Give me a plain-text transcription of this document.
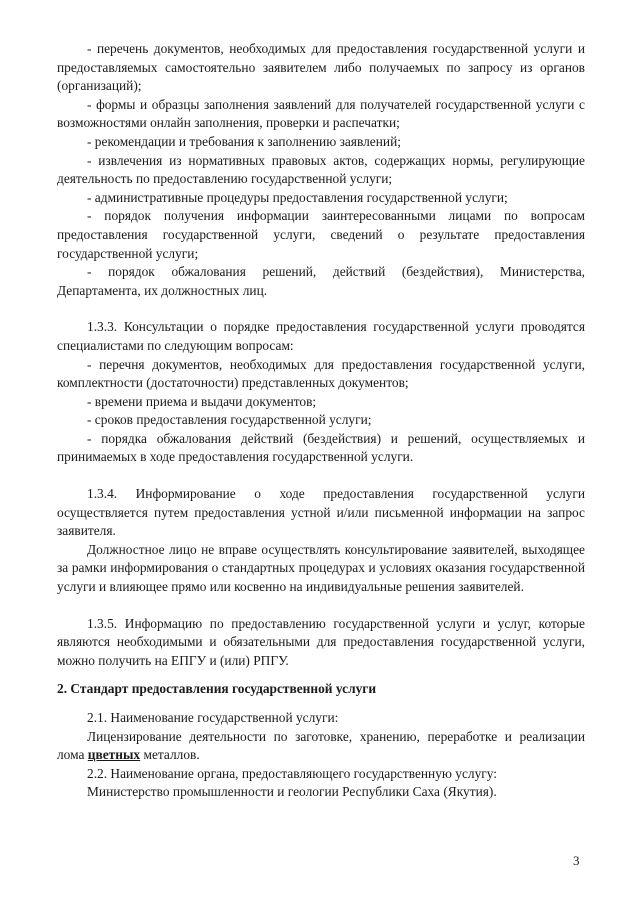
- перечень документов, необходимых для предоставления государственной услуги и предоставляемых самостоятельно заявителем либо получаемых по запросу из органов (организаций);

- формы и образцы заполнения заявлений для получателей государственной услуги с возможностями онлайн заполнения, проверки и распечатки;

- рекомендации и требования к заполнению заявлений;

- извлечения из нормативных правовых актов, содержащих нормы, регулирующие деятельность по предоставлению государственной услуги;

- административные процедуры предоставления государственной услуги;

- порядок получения информации заинтересованными лицами по вопросам предоставления государственной услуги, сведений о результате предоставления государственной услуги;

- порядок обжалования решений, действий (бездействия), Министерства, Департамента, их должностных лиц.

1.3.3. Консультации о порядке предоставления государственной услуги проводятся специалистами по следующим вопросам:

- перечня документов, необходимых для предоставления государственной услуги, комплектности (достаточности) представленных документов;

- времени приема и выдачи документов;

- сроков предоставления государственной услуги;

- порядка обжалования действий (бездействия) и решений, осуществляемых и принимаемых в ходе предоставления государственной услуги.

1.3.4. Информирование о ходе предоставления государственной услуги осуществляется путем предоставления устной и/или письменной информации на запрос заявителя.

Должностное лицо не вправе осуществлять консультирование заявителей, выходящее за рамки информирования о стандартных процедурах и условиях оказания государственной услуги и влияющее прямо или косвенно на индивидуальные решения заявителей.

1.3.5. Информацию по предоставлению государственной услуги и услуг, которые являются необходимыми и обязательными для предоставления государственной услуги, можно получить на ЕПГУ и (или) РПГУ.

2. Стандарт предоставления государственной услуги

2.1. Наименование государственной услуги:

Лицензирование деятельности по заготовке, хранению, переработке и реализации лома цветных металлов.

2.2. Наименование органа, предоставляющего государственную услугу:

Министерство промышленности и геологии Республики Саха (Якутия).

3
